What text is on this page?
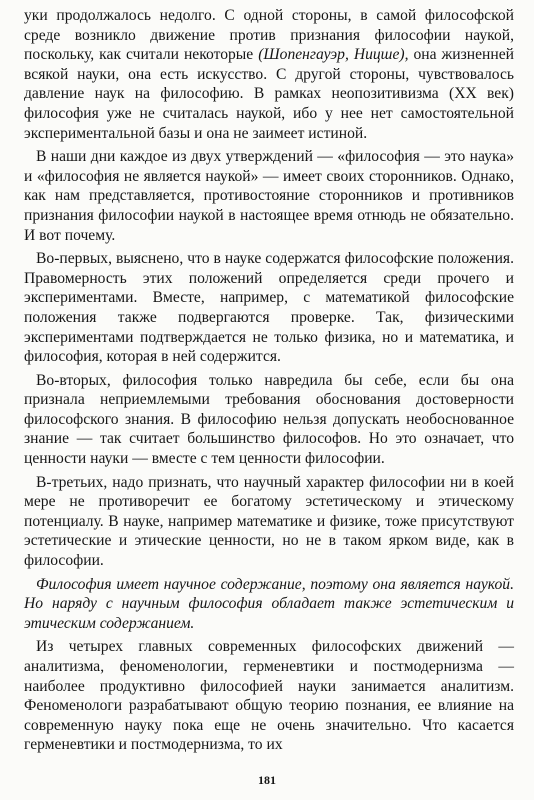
уки продолжалось недолго. С одной стороны, в самой философской среде возникло движение против признания философии наукой, поскольку, как считали некоторые (Шопенгауэр, Ницше), она жизненней всякой науки, она есть искусство. С другой стороны, чувствовалось давление наук на философию. В рамках неопозитивизма (XX век) философия уже не считалась наукой, ибо у нее нет самостоятельной экспериментальной базы и она не заимеет истиной.

В наши дни каждое из двух утверждений — «философия — это наука» и «философия не является наукой» — имеет своих сторонников. Однако, как нам представляется, противостояние сторонников и противников признания философии наукой в настоящее время отнюдь не обязательно. И вот почему.

Во-первых, выяснено, что в науке содержатся философские положения. Правомерность этих положений определяется среди прочего и экспериментами. Вместе, например, с математикой философские положения также подвергаются проверке. Так, физическими экспериментами подтверждается не только физика, но и математика, и философия, которая в ней содержится.

Во-вторых, философия только навредила бы себе, если бы она признала неприемлемыми требования обоснования достоверности философского знания. В философию нельзя допускать необоснованное знание — так считает большинство философов. Но это означает, что ценности науки — вместе с тем ценности философии.

В-третьих, надо признать, что научный характер философии ни в коей мере не противоречит ее богатому эстетическому и этическому потенциалу. В науке, например математике и физике, тоже присутствуют эстетические и этические ценности, но не в таком ярком виде, как в философии.

Философия имеет научное содержание, поэтому она является наукой. Но наряду с научным философия обладает также эстетическим и этическим содержанием.

Из четырех главных современных философских движений — аналитизма, феноменологии, герменевтики и постмодернизма — наиболее продуктивно философией науки занимается аналитизм. Феноменологи разрабатывают общую теорию познания, ее влияние на современную науку пока еще не очень значительно. Что касается герменевтики и постмодернизма, то их

181
